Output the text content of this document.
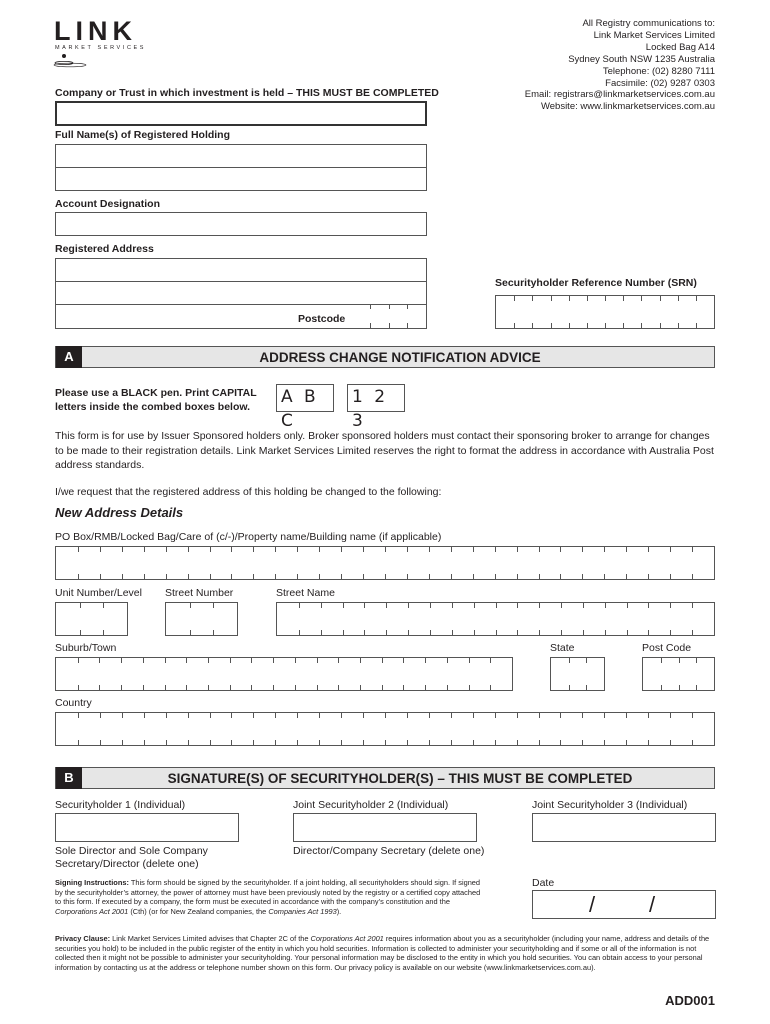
LINK
MARKET SERVICES
All Registry communications to:
Link Market Services Limited
Locked Bag A14
Sydney South NSW 1235 Australia
Telephone: (02) 8280 7111
Facsimile: (02) 9287 0303
Email: registrars@linkmarketservices.com.au
Website: www.linkmarketservices.com.au
Company or Trust in which investment is held – THIS MUST BE COMPLETED
Full Name(s) of Registered Holding
Account Designation
Registered Address
Postcode
Securityholder Reference Number (SRN)
A	ADDRESS CHANGE NOTIFICATION ADVICE
Please use a BLACK pen. Print CAPITAL
letters inside the combed boxes below. A B C
1 2 3
This form is for use by Issuer Sponsored holders only. Broker sponsored holders must contact their sponsoring broker to arrange for changes to be made to their registration details. Link Market Services Limited reserves the right to format the address in accordance with Australia Post address standards.
I/we request that the registered address of this holding be changed to the following:
New Address Details
PO Box/RMB/Locked Bag/Care of (c/-)/Property name/Building name (if applicable)
Unit Number/Level Street Number	Street Name
Suburb/Town	State	Post Code
Country
B	SIGNATURE(S) OF SECURITYHOLDER(S) – THIS MUST BE COMPLETED
Securityholder 1 (Individual)	Joint Securityholder 2 (Individual)	Joint Securityholder 3 (Individual)
Sole Director and Sole Company
Secretary/Director (delete one)
Director/Company Secretary (delete one)
Signing Instructions: This form should be signed by the securityholder. If a joint holding, all securityholders should sign. If signed by the securityholder’s attorney, the power of attorney must have been previously noted by the registry or a certified copy attached to this form. If executed by a company, the form must be executed in accordance with the company’s constitution and the Corporations Act 2001 (Cth) (or for New Zealand companies, the Companies Act 1993).
Date
/ /
Privacy Clause: Link Market Services Limited advises that Chapter 2C of the Corporations Act 2001 requires information about you as a securityholder (including your name, address and details of the securities you hold) to be included in the public register of the entity in which you hold securities. Information is collected to administer your securityholding and if some or all of the information is not collected then it might not be possible to administer your securityholding. Your personal information may be disclosed to the entity in which you hold securities. You can obtain access to your personal information by contacting us at the address or telephone number shown on this form. Our privacy policy is available on our website (www.linkmarketservices.com.au).
ADD001
